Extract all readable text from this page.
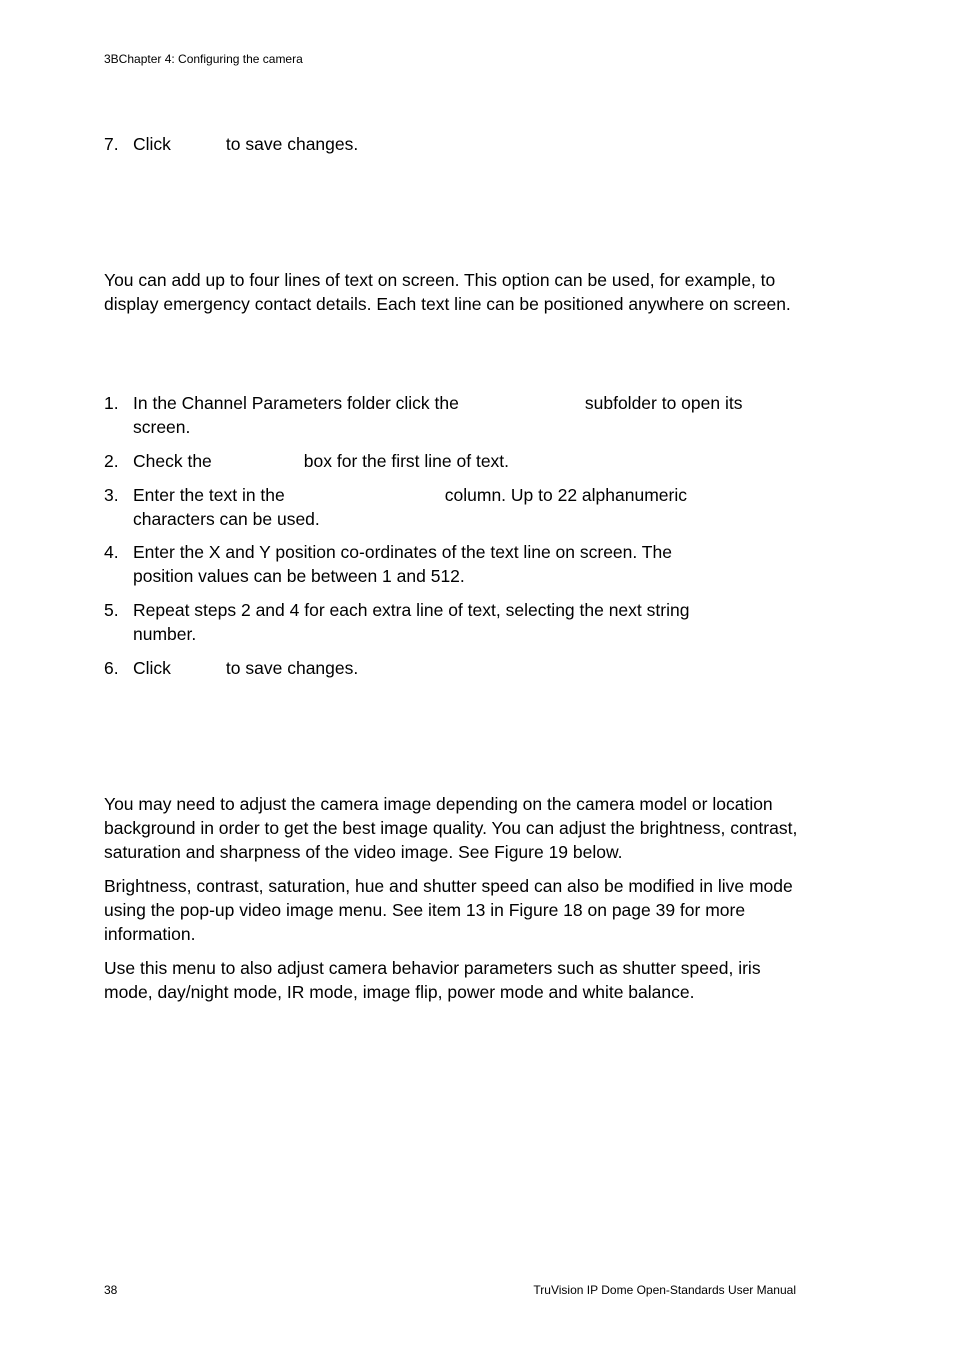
3BChapter 4: Configuring the camera
7. Click	to save changes.

You can add up to four lines of text on screen. This option can be used, for example, to display emergency contact details. Each text line can be positioned anywhere on screen.

1. In the Channel Parameters folder click the	subfolder to open its
screen.
2. Check the	box for the first line of text.
3. Enter the text in the	column. Up to 22 alphanumeric
characters can be used.
4. Enter the X and Y position co-ordinates of the text line on screen. The
position values can be between 1 and 512.
5. Repeat steps 2 and 4 for each extra line of text, selecting the next string
number.
6. Click	to save changes.

You may need to adjust the camera image depending on the camera model or location background in order to get the best image quality. You can adjust the brightness, contrast, saturation and sharpness of the video image. See Figure 19 below.

Brightness, contrast, saturation, hue and shutter speed can also be modified in live mode using the pop-up video image menu. See item 13 in Figure 18 on page 39 for more information.

Use this menu to also adjust camera behavior parameters such as shutter speed, iris mode, day/night mode, IR mode, image flip, power mode and white balance.

38	TruVision IP Dome Open-Standards User Manual
